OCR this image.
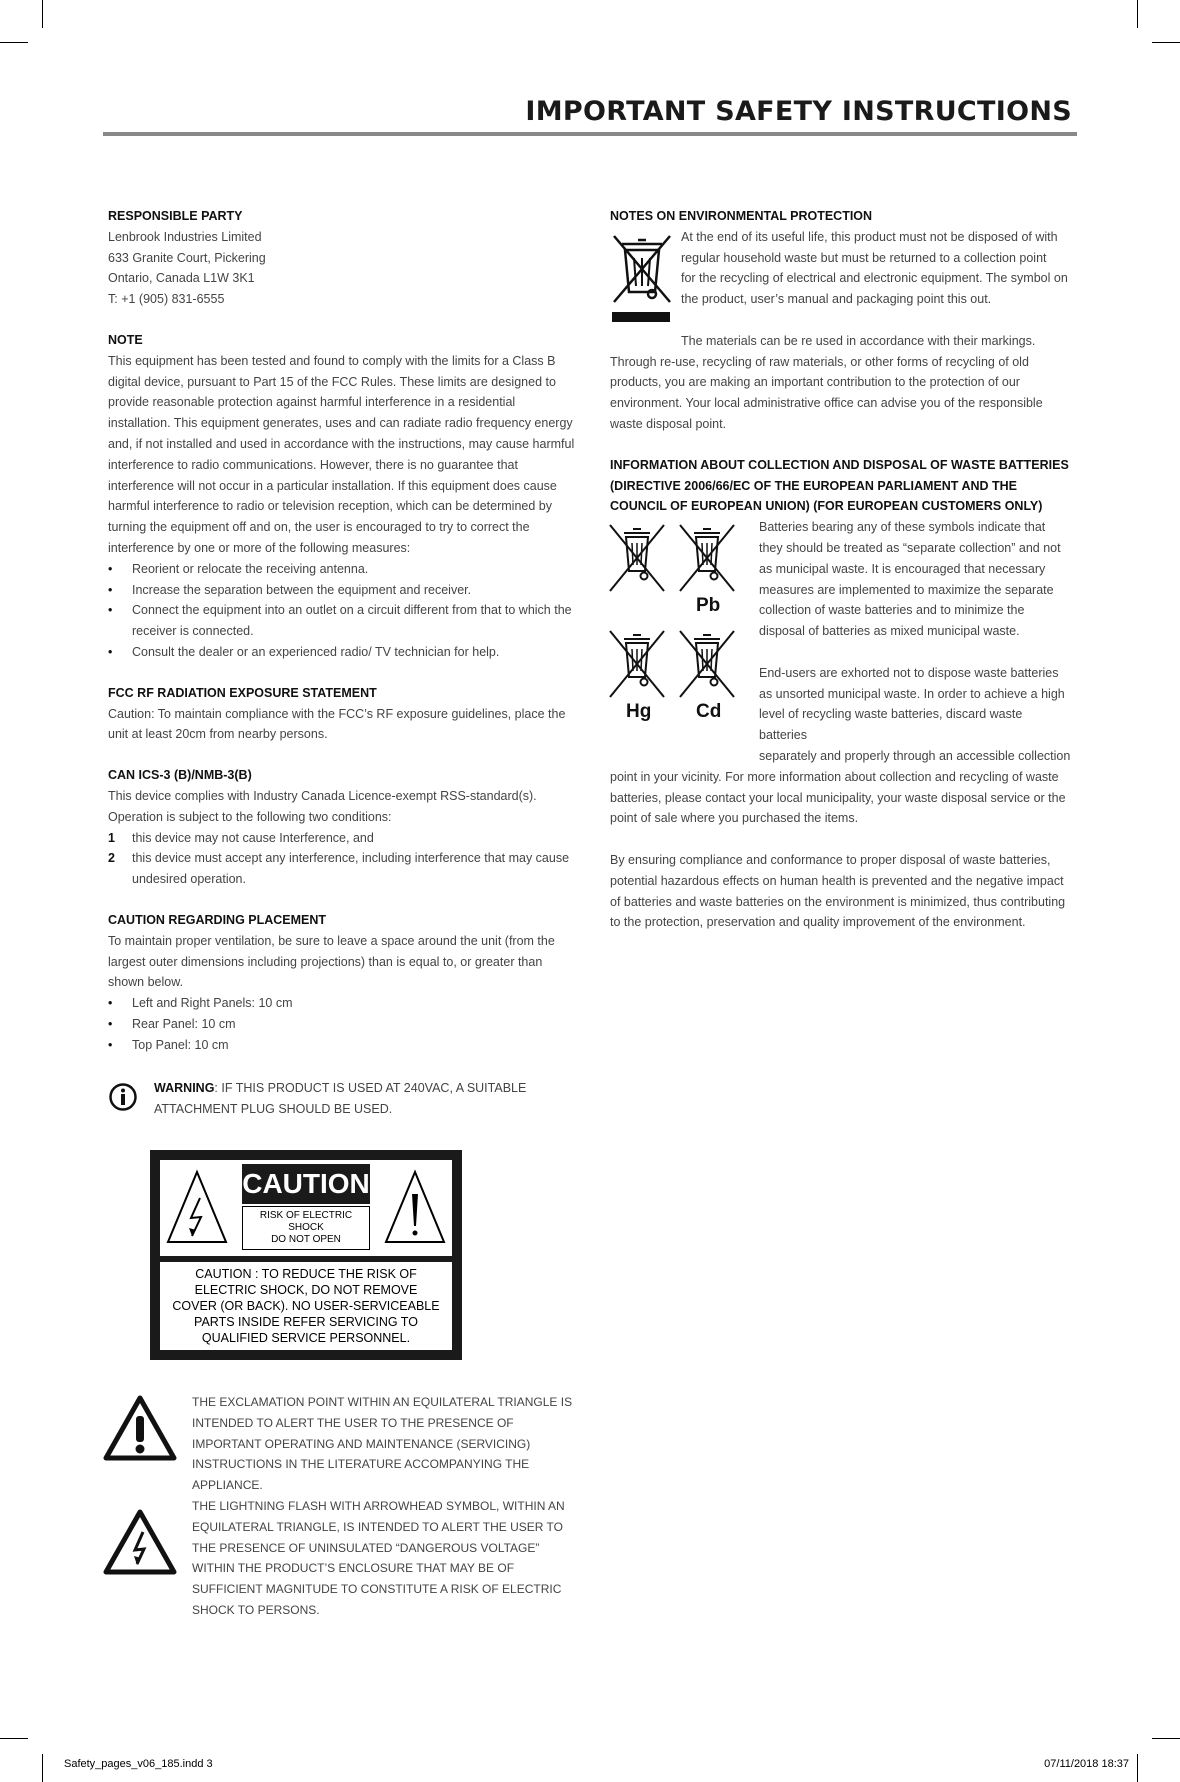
IMPORTANT SAFETY INSTRUCTIONS
RESPONSIBLE PARTY

Lenbrook Industries Limited

633 Granite Court, Pickering

Ontario, Canada L1W 3K1

T: +1 (905) 831-6555

NOTE

This equipment has been tested and found to comply with the limits for a Class B digital device, pursuant to Part 15 of the FCC Rules. These limits are designed to provide reasonable protection against harmful interference in a residential installation. This equipment generates, uses and can radiate radio frequency energy and, if not installed and used in accordance with the instructions, may cause harmful interference to radio communications. However, there is no guarantee that interference will not occur in a particular installation. If this equipment does cause harmful interference to radio or television reception, which can be determined by turning the equipment off and on, the user is encouraged to try to correct the interference by one or more of the following measures:

• Reorient or relocate the receiving antenna.
• Increase the separation between the equipment and receiver.
• Connect the equipment into an outlet on a circuit different from that to which the receiver is connected.
• Consult the dealer or an experienced radio/ TV technician for help.
FCC RF RADIATION EXPOSURE STATEMENT

Caution: To maintain compliance with the FCC’s RF exposure guidelines, place the unit at least 20cm from nearby persons.

CAN ICS-3 (B)/NMB-3(B)

This device complies with Industry Canada Licence-exempt RSS-standard(s). Operation is subject to the following two conditions:

1 this device may not cause Interference, and
2 this device must accept any interference, including interference that may cause undesired operation.
CAUTION REGARDING PLACEMENT

To maintain proper ventilation, be sure to leave a space around the unit (from the largest outer dimensions including projections) than is equal to, or greater than shown below.

• Left and Right Panels: 10 cm
• Rear Panel: 10 cm
• Top Panel: 10 cm
WARNING: IF THIS PRODUCT IS USED AT 240VAC, A SUITABLE ATTACHMENT PLUG SHOULD BE USED.
CAUTION
RISK OF ELECTRIC SHOCK
DO NOT OPEN
CAUTION : TO REDUCE THE RISK OF
ELECTRIC SHOCK, DO NOT REMOVE
COVER (OR BACK). NO USER-SERVICEABLE
PARTS INSIDE REFER SERVICING TO
QUALIFIED SERVICE PERSONNEL.
THE EXCLAMATION POINT WITHIN AN EQUILATERAL TRIANGLE IS INTENDED TO ALERT THE USER TO THE PRESENCE OF IMPORTANT OPERATING AND MAINTENANCE (SERVICING) INSTRUCTIONS IN THE LITERATURE ACCOMPANYING THE APPLIANCE.
THE LIGHTNING FLASH WITH ARROWHEAD SYMBOL, WITHIN AN EQUILATERAL TRIANGLE, IS INTENDED TO ALERT THE USER TO THE PRESENCE OF UNINSULATED “DANGEROUS VOLTAGE” WITHIN THE PRODUCT’S ENCLOSURE THAT MAY BE OF SUFFICIENT MAGNITUDE TO CONSTITUTE A RISK OF ELECTRIC SHOCK TO PERSONS.
NOTES ON ENVIRONMENTAL PROTECTION

At the end of its useful life, this product must not be disposed of with

regular household waste but must be returned to a collection point

for the recycling of electrical and electronic equipment. The symbol on

the product, user’s manual and packaging point this out.

The materials can be re used in accordance with their markings.

Through re-use, recycling of raw materials, or other forms of recycling of old products, you are making an important contribution to the protection of our environment. Your local administrative office can advise you of the responsible waste disposal point.

INFORMATION ABOUT COLLECTION AND DISPOSAL OF WASTE BATTERIES (DIRECTIVE 2006/66/EC OF THE EUROPEAN PARLIAMENT AND THE COUNCIL OF EUROPEAN UNION) (FOR EUROPEAN CUSTOMERS ONLY)
Pb
Hg Cd

Batteries bearing any of these symbols indicate that

they should be treated as “separate collection” and not

as municipal waste. It is encouraged that necessary

measures are implemented to maximize the separate

collection of waste batteries and to minimize the

disposal of batteries as mixed municipal waste.

End-users are exhorted not to dispose waste batteries

as unsorted municipal waste. In order to achieve a high

level of recycling waste batteries, discard waste batteries

separately and properly through an accessible collection

point in your vicinity. For more information about collection and recycling of waste batteries, please contact your local municipality, your waste disposal service or the point of sale where you purchased the items.

By ensuring compliance and conformance to proper disposal of waste batteries, potential hazardous effects on human health is prevented and the negative impact of batteries and waste batteries on the environment is minimized, thus contributing to the protection, preservation and quality improvement of the environment.

Safety_pages_v06_185.indd 3	07/11/2018 18:37
